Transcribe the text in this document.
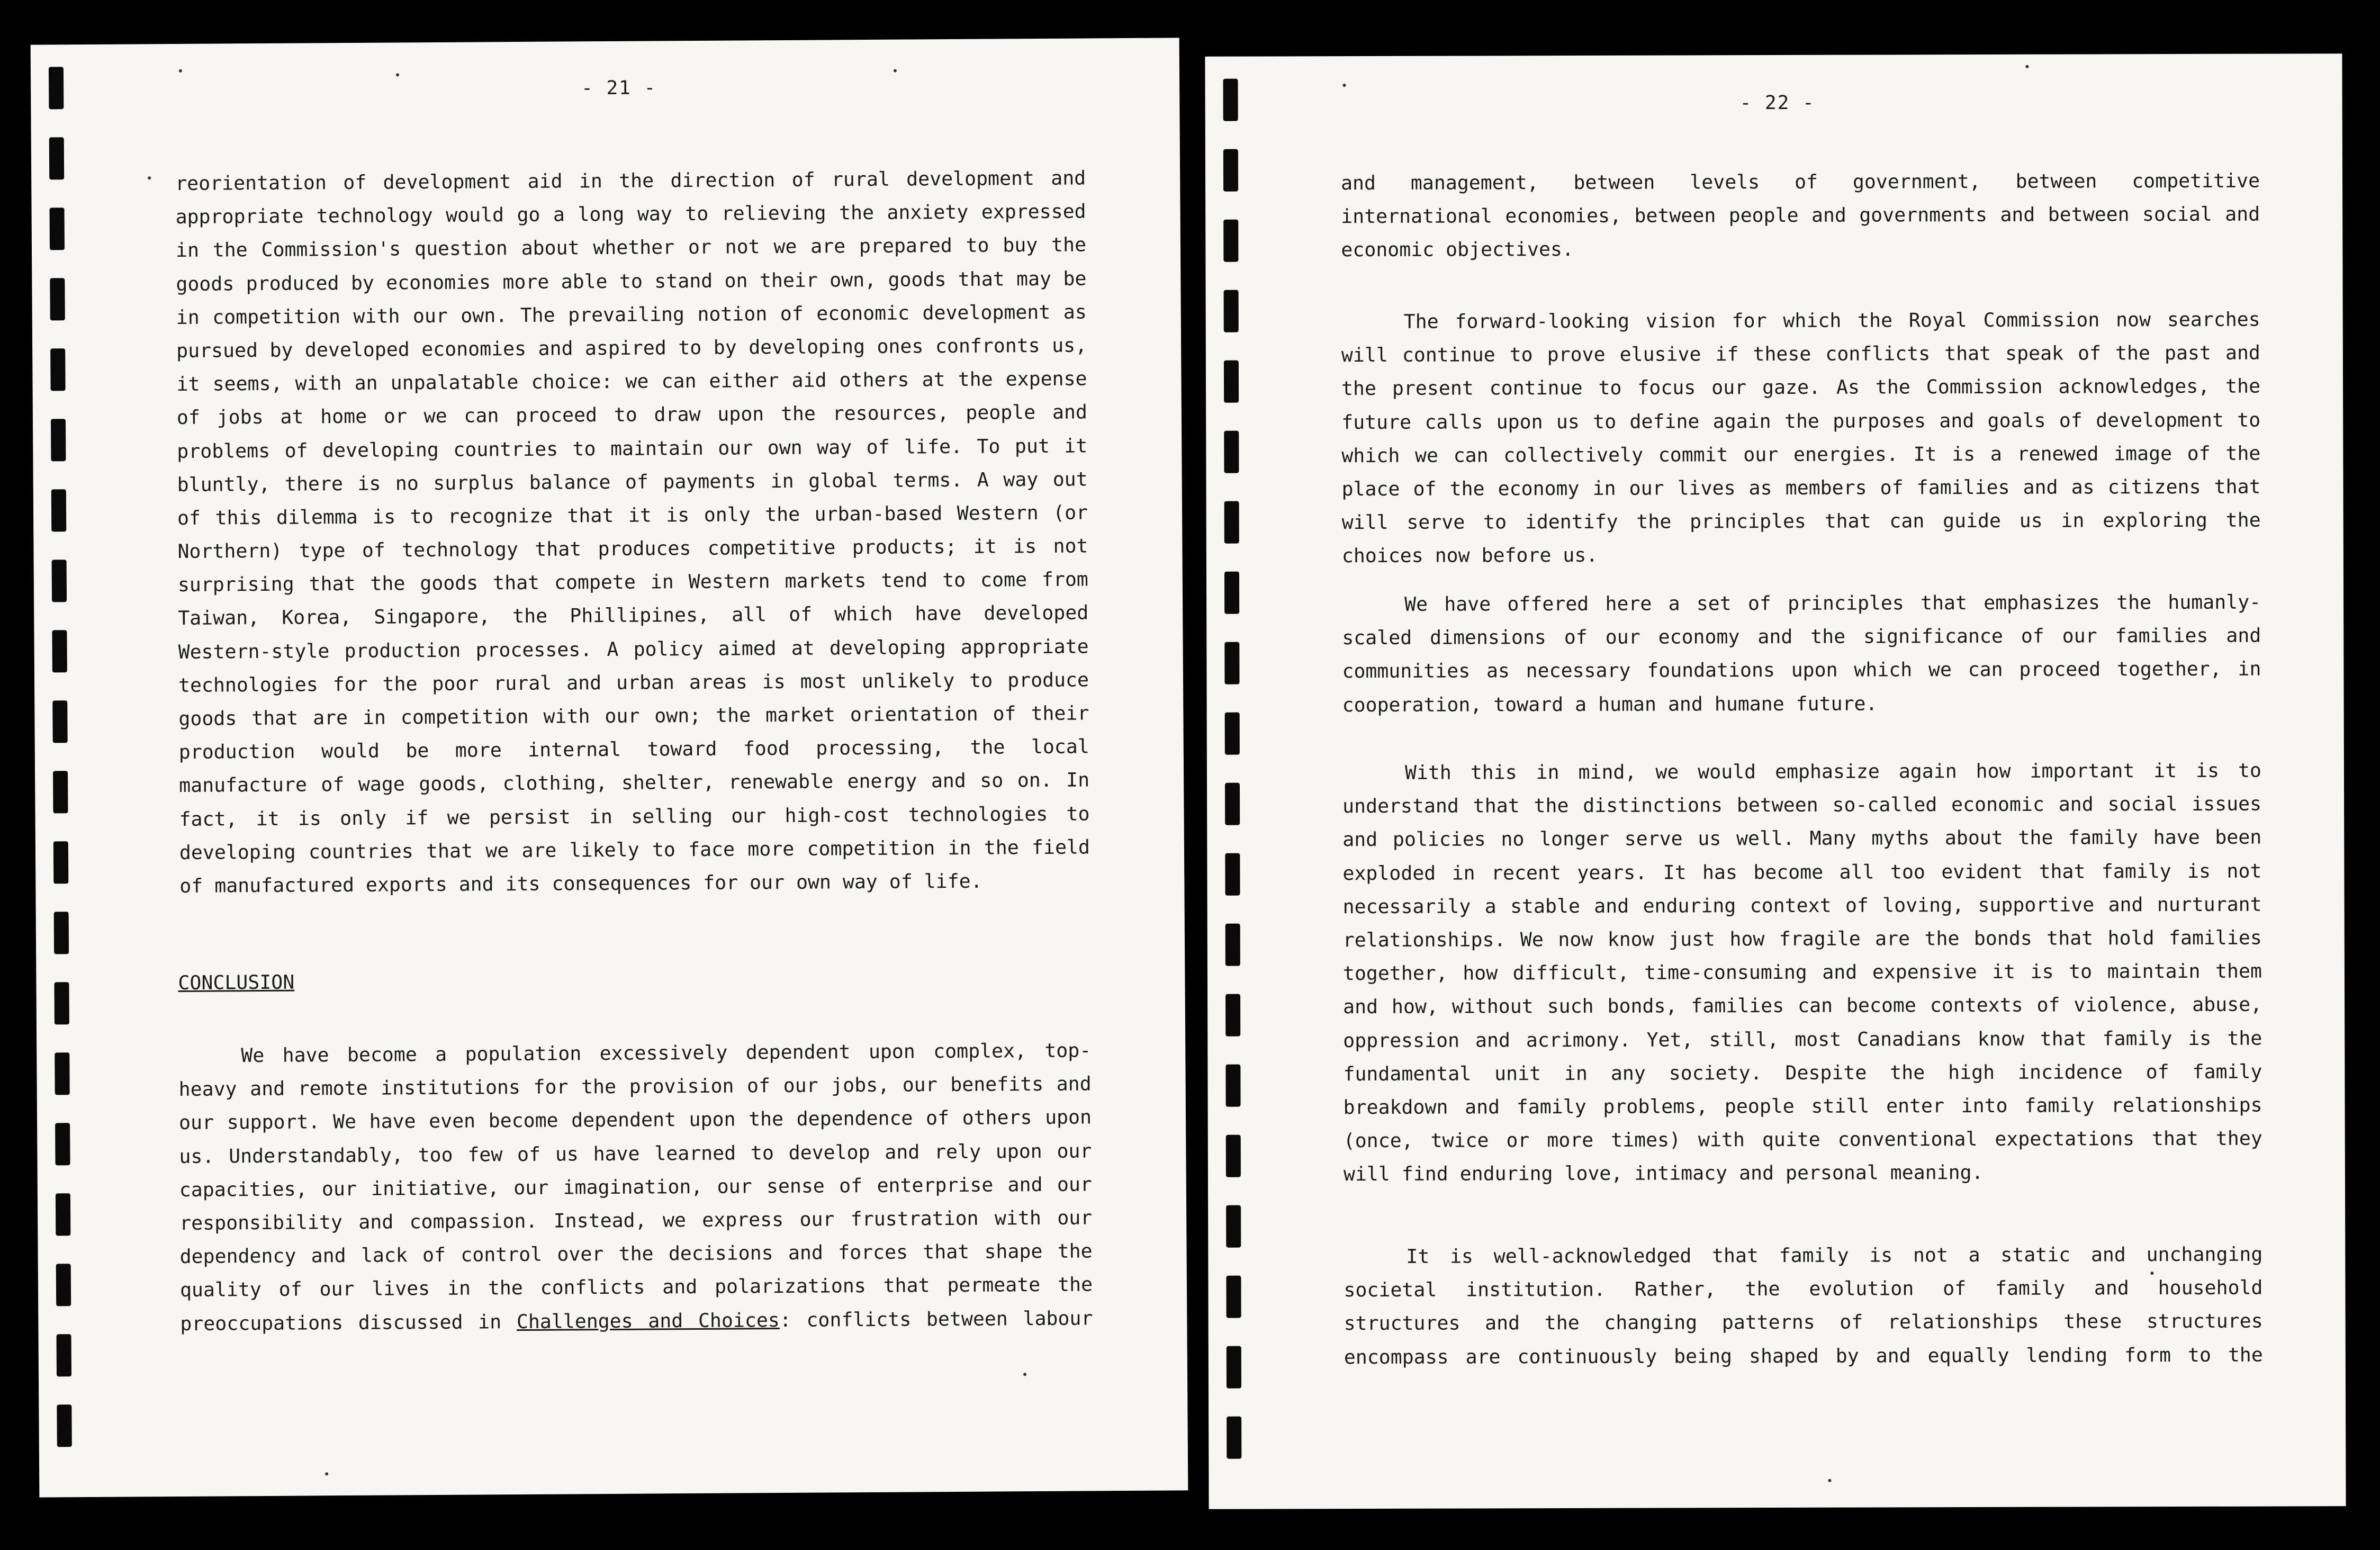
- 21 -
reorientation of development aid in the direction of rural development and
appropriate technology would go a long way to relieving the anxiety expressed
in the Commission's question about whether or not we are prepared to buy the
goods produced by economies more able to stand on their own, goods that may be
in competition with our own. The prevailing notion of economic development as
pursued by developed economies and aspired to by developing ones confronts us,
it seems, with an unpalatable choice: we can either aid others at the expense
of jobs at home or we can proceed to draw upon the resources, people and
problems of developing countries to maintain our own way of life. To put it
bluntly, there is no surplus balance of payments in global terms. A way out
of this dilemma is to recognize that it is only the urban-based Western (or
Northern) type of technology that produces competitive products; it is not
surprising that the goods that compete in Western markets tend to come from
Taiwan, Korea, Singapore, the Phillipines, all of which have developed
Western-style production processes. A policy aimed at developing appropriate
technologies for the poor rural and urban areas is most unlikely to produce
goods that are in competition with our own; the market orientation of their
production would be more internal toward food processing, the local
manufacture of wage goods, clothing, shelter, renewable energy and so on. In
fact, it is only if we persist in selling our high-cost technologies to
developing countries that we are likely to face more competition in the field
of manufactured exports and its consequences for our own way of life.
CONCLUSION
We have become a population excessively dependent upon complex, top-
heavy and remote institutions for the provision of our jobs, our benefits and
our support. We have even become dependent upon the dependence of others upon
us. Understandably, too few of us have learned to develop and rely upon our
capacities, our initiative, our imagination, our sense of enterprise and our
responsibility and compassion. Instead, we express our frustration with our
dependency and lack of control over the decisions and forces that shape the
quality of our lives in the conflicts and polarizations that permeate the
preoccupations discussed in Challenges and Choices: conflicts between labour
- 22 -
and management, between levels of government, between competitive
international economies, between people and governments and between social and
economic objectives.
The forward-looking vision for which the Royal Commission now searches
will continue to prove elusive if these conflicts that speak of the past and
the present continue to focus our gaze. As the Commission acknowledges, the
future calls upon us to define again the purposes and goals of development to
which we can collectively commit our energies. It is a renewed image of the
place of the economy in our lives as members of families and as citizens that
will serve to identify the principles that can guide us in exploring the
choices now before us.
We have offered here a set of principles that emphasizes the humanly-
scaled dimensions of our economy and the significance of our families and
communities as necessary foundations upon which we can proceed together, in
cooperation, toward a human and humane future.
With this in mind, we would emphasize again how important it is to
understand that the distinctions between so-called economic and social issues
and policies no longer serve us well. Many myths about the family have been
exploded in recent years. It has become all too evident that family is not
necessarily a stable and enduring context of loving, supportive and nurturant
relationships. We now know just how fragile are the bonds that hold families
together, how difficult, time-consuming and expensive it is to maintain them
and how, without such bonds, families can become contexts of violence, abuse,
oppression and acrimony. Yet, still, most Canadians know that family is the
fundamental unit in any society. Despite the high incidence of family
breakdown and family problems, people still enter into family relationships
(once, twice or more times) with quite conventional expectations that they
will find enduring love, intimacy and personal meaning.
It is well-acknowledged that family is not a static and unchanging
societal institution. Rather, the evolution of family and household
structures and the changing patterns of relationships these structures
encompass are continuously being shaped by and equally lending form to the
